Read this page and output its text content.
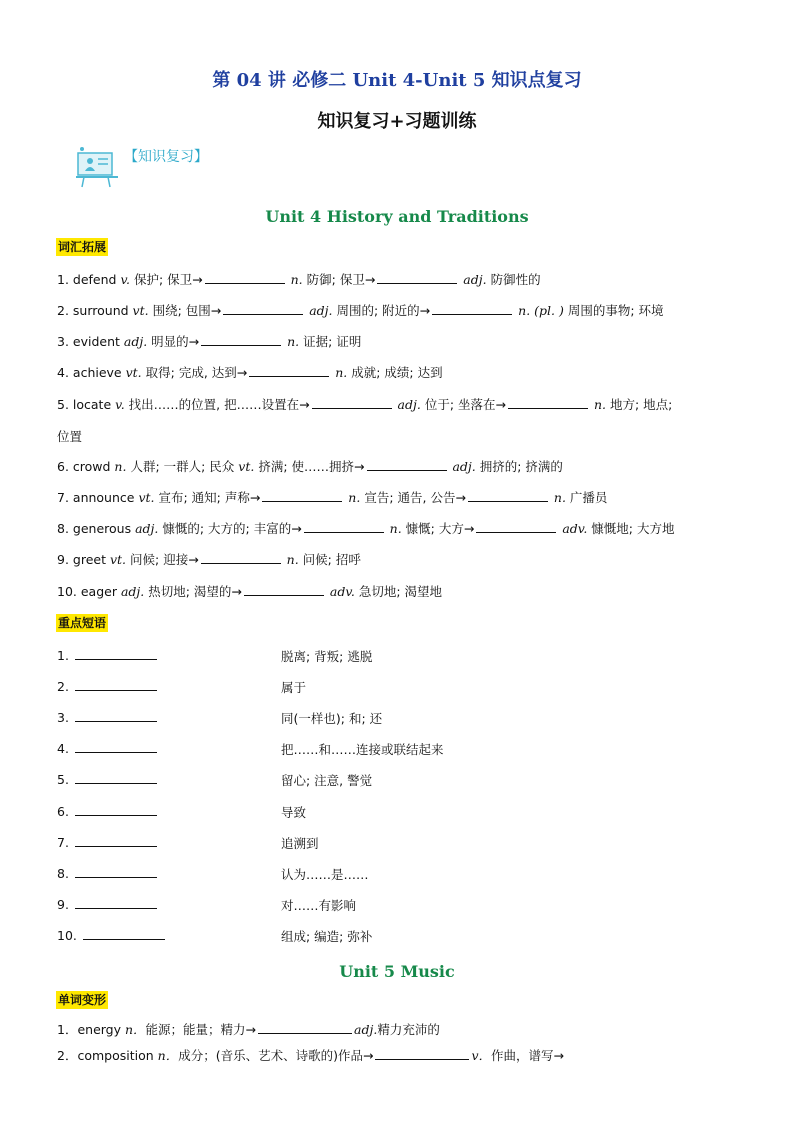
第 04 讲 必修二 Unit 4-Unit 5 知识点复习
知识复习+习题训练
【知识复习】
Unit 4 History and Traditions
词汇拓展
1. defend v. 保护; 保卫→	n. 防御; 保卫→	adj. 防御性的
2. surround vt. 围绕; 包围→	adj. 周围的; 附近的→	n. (pl. ) 周围的事物; 环境
3. evident adj. 明显的→	n. 证据; 证明
4. achieve vt. 取得; 完成, 达到→	n. 成就; 成绩; 达到
5. locate v. 找出……的位置, 把……设置在→	adj. 位于; 坐落在→	n. 地方; 地点;
位置
6. crowd n. 人群; 一群人; 民众 vt. 挤满; 使……拥挤→	adj. 拥挤的; 挤满的
7. announce vt. 宣布; 通知; 声称→	n. 宣告; 通告, 公告→	n. 广播员
8. generous adj. 慷慨的; 大方的; 丰富的→	n. 慷慨; 大方→	adv. 慷慨地; 大方地
9. greet vt. 问候; 迎接→	n. 问候; 招呼
10. eager adj. 热切地; 渴望的→	adv. 急切地; 渴望地
重点短语
1.	脱离; 背叛; 逃脱
2.	属于
3.	同(一样也); 和; 还
4.	把……和……连接或联结起来
5.	留心; 注意, 警觉
6.	导致
7.	追溯到
8.	认为……是……
9.	对……有影响
10.	组成; 编造; 弥补
Unit 5 Music
单词变形
1．energy n．能源；能量；精力→	adj.精力充沛的
2．composition n．成分；(音乐、艺术、诗歌的)作品→	v．作曲，谱写→
